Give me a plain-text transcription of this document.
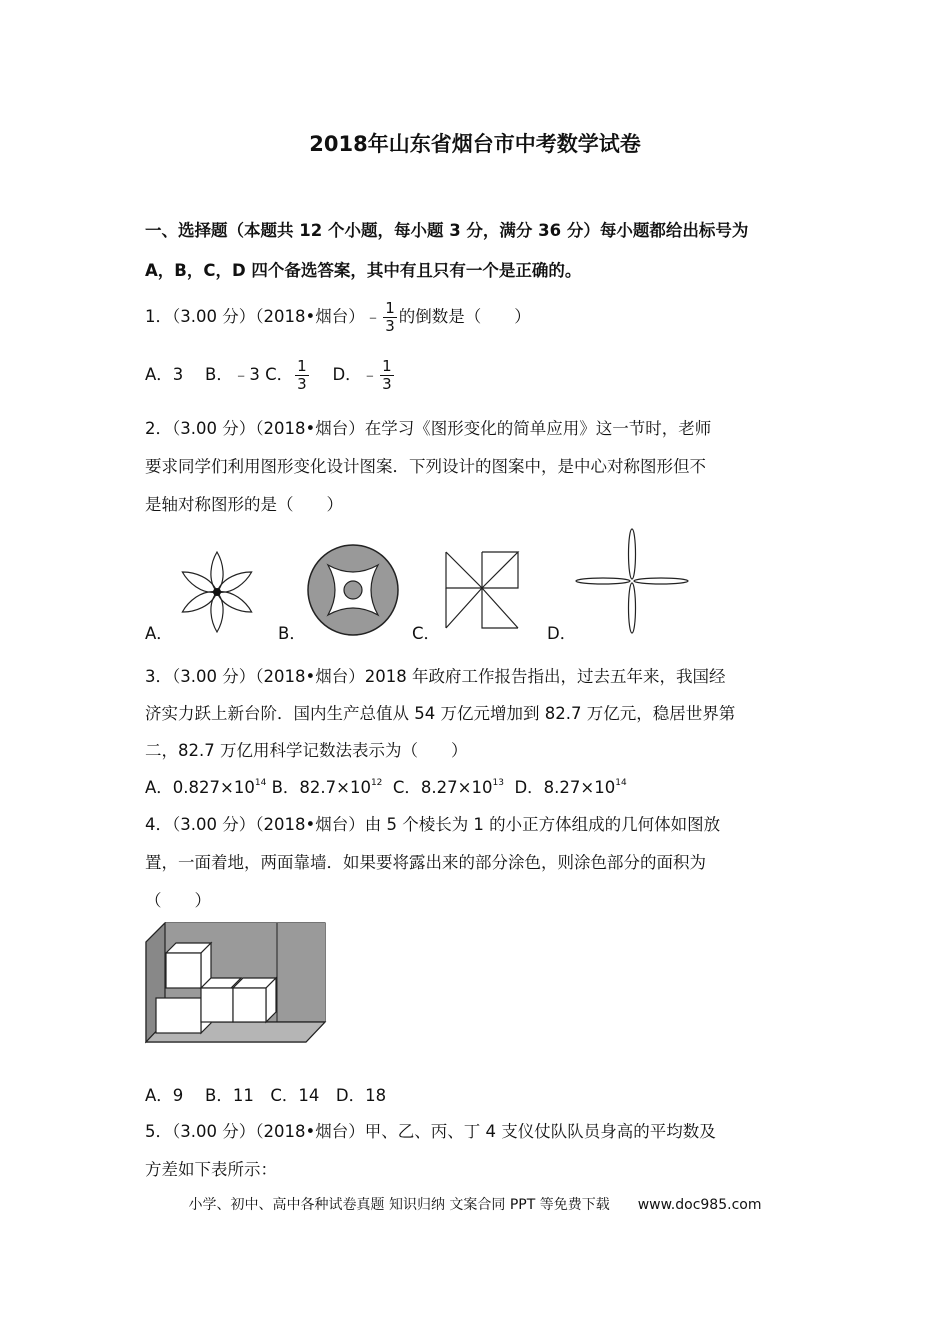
2018年山东省烟台市中考数学试卷
一、选择题（本题共 12 个小题，每小题 3 分，满分 36 分）每小题都给出标号为
A，B，C，D 四个备选答案，其中有且只有一个是正确的。
1．（3.00 分）（2018•烟台）﹣ $\frac{1}{3}$ 的倒数是（　　）
A．3　 B．﹣3 C． $\frac{1}{3}$
　 D．﹣ $\frac{1}{3}$
2．（3.00 分）（2018•烟台）在学习《图形变化的简单应用》这一节时，老师
要求同学们利用图形变化设计图案．下列设计的图案中，是中心对称图形但不
是轴对称图形的是（　　）
A．	B．	C．	D．
3．（3.00 分）（2018•烟台）2018 年政府工作报告指出，过去五年来，我国经
济实力跃上新台阶．国内生产总值从 54 万亿元增加到 82.7 万亿元，稳居世界第
二，82.7 万亿用科学记数法表示为（　　）
A．$0.827\times 10^{14}$ B．$82.7\times 10^{12}$ C．$8.27\times 10^{13}$ D．$8.27\times 10^{14}$
4．（3.00 分）（2018•烟台）由 5 个棱长为 1 的小正方体组成的几何体如图放
置，一面着地，两面靠墙．如果要将露出来的部分涂色，则涂色部分的面积为
（　　）
A．9　 B．11　C．14　D．18
5．（3.00 分）（2018•烟台）甲、乙、丙、丁 4 支仪仗队队员身高的平均数及
方差如下表所示：
小学、初中、高中各种试卷真题 知识归纳 文案合同 PPT 等免费下载　　www.doc985.com
